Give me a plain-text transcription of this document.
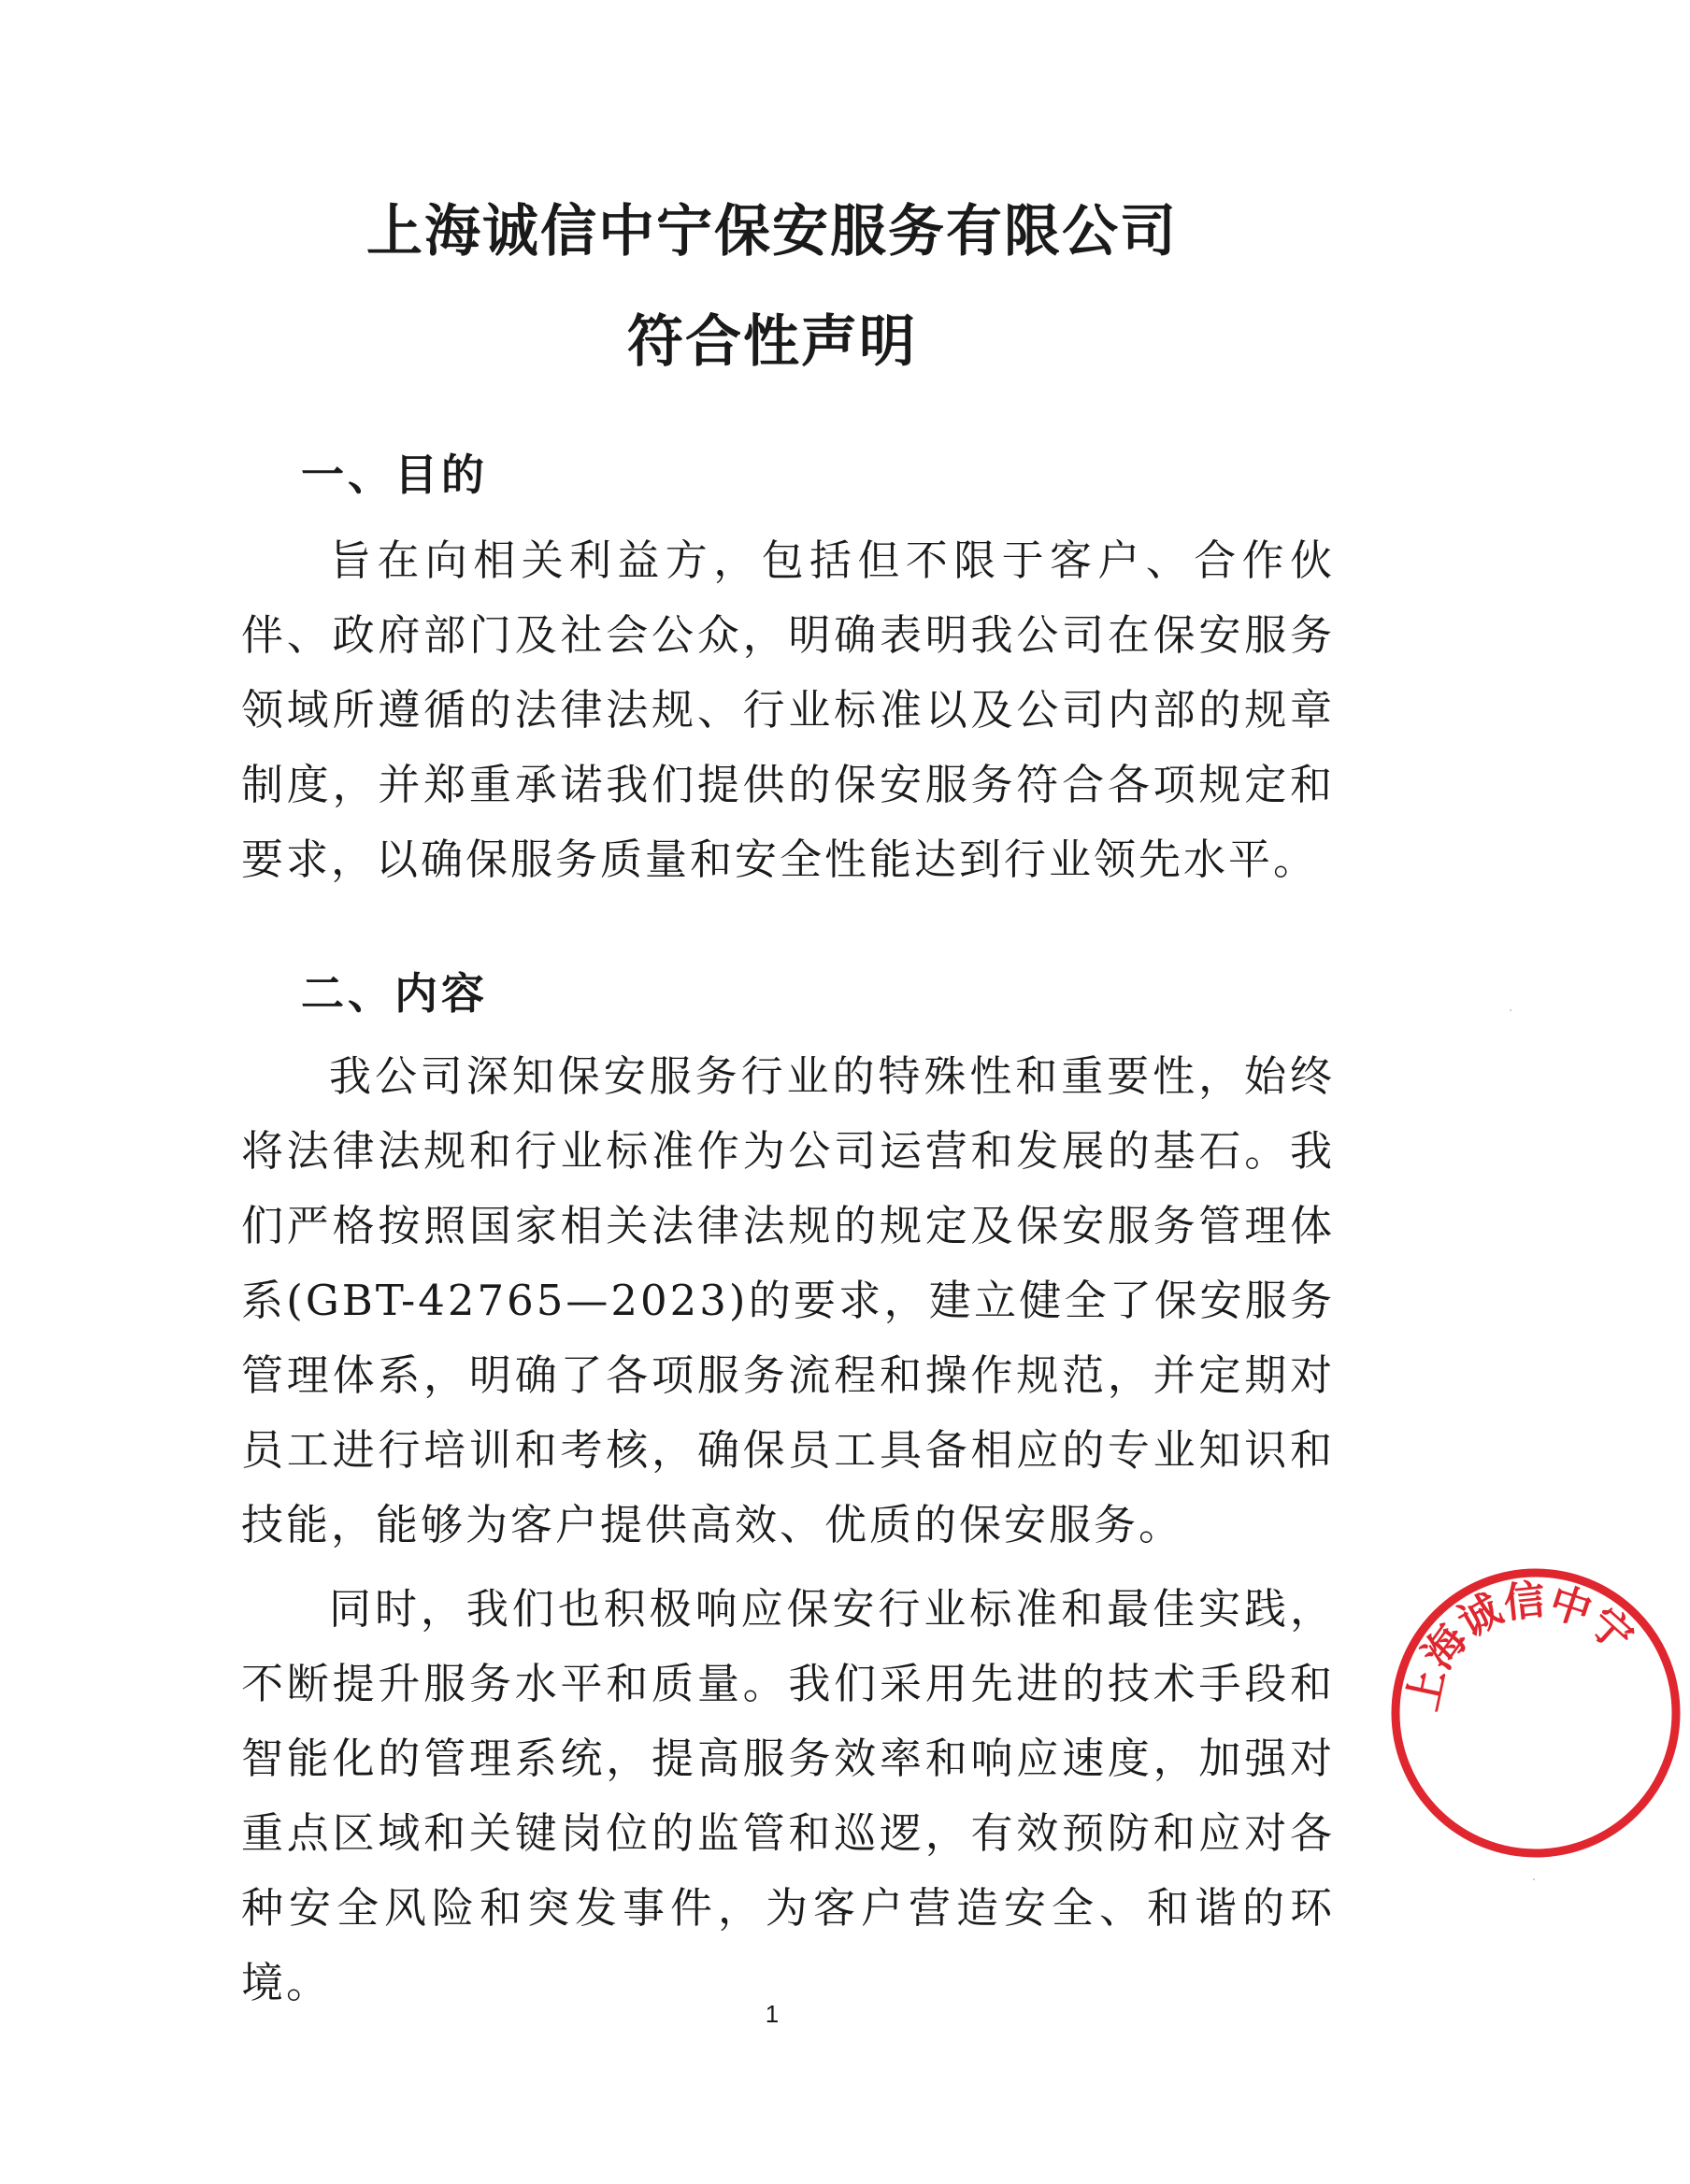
上海诚信中宁保安服务有限公司
符合性声明
一、目的

旨在向相关利益方，包括但不限于客户、合作伙伴、政府部门及社会公众，明确表明我公司在保安服务领域所遵循的法律法规、行业标准以及公司内部的规章制度，并郑重承诺我们提供的保安服务符合各项规定和要求，以确保服务质量和安全性能达到行业领先水平。

二、内容

我公司深知保安服务行业的特殊性和重要性，始终将法律法规和行业标准作为公司运营和发展的基石。我们严格按照国家相关法律法规的规定及保安服务管理体系(GBT-42765—2023)的要求，建立健全了保安服务管理体系，明确了各项服务流程和操作规范，并定期对员工进行培训和考核，确保员工具备相应的专业知识和技能，能够为客户提供高效、优质的保安服务。

同时，我们也积极响应保安行业标准和最佳实践，不断提升服务水平和质量。我们采用先进的技术手段和智能化的管理系统，提高服务效率和响应速度，加强对重点区域和关键岗位的监管和巡逻，有效预防和应对各种安全风险和突发事件，为客户营造安全、和谐的环境。

1
上海诚信中宁
